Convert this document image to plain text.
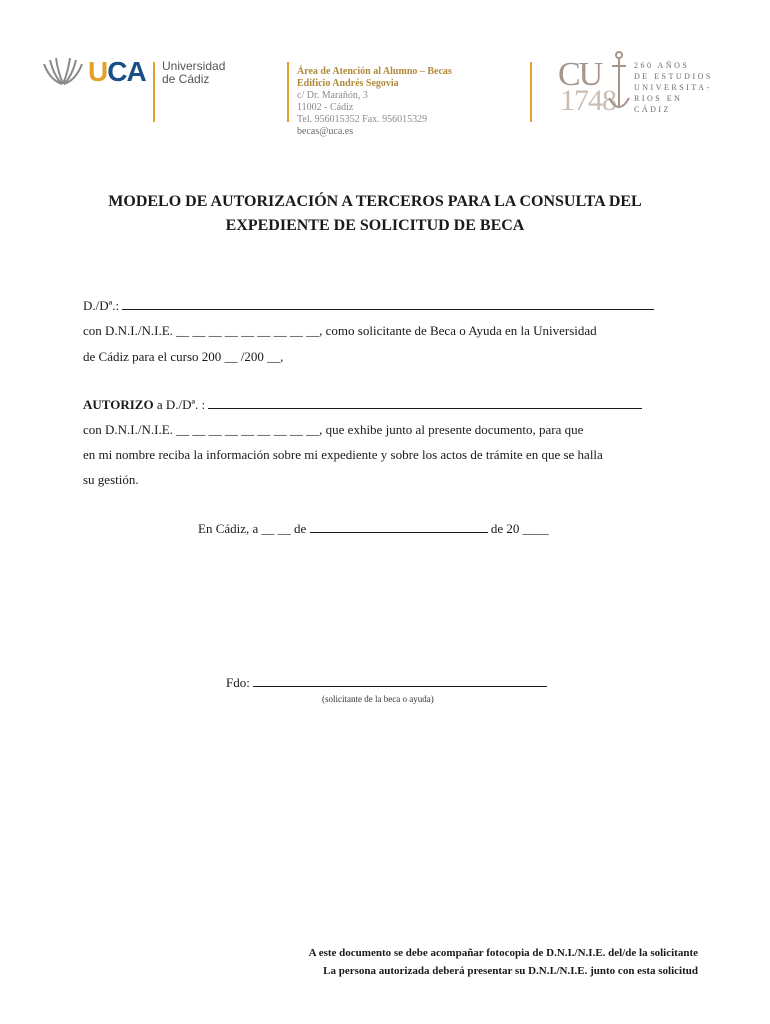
UCA Universidad
de Cádiz
Área de Atención al Alumno – Becas
Edificio Andrés Segovia
c/ Dr. Marañón, 3
11002 - Cádiz
Tel. 956015352 Fax. 956015329
becas@uca.es
CU
1748
260 AÑOS
DE ESTUDIOS
UNIVERSITA-
RIOS EN CÁDIZ
MODELO DE AUTORIZACIÓN A TERCEROS PARA LA CONSULTA DEL
EXPEDIENTE DE SOLICITUD DE BECA
D./Dª.:
con D.N.I./N.I.E. __ __ __ __ __ __ __ __ __, como solicitante de Beca o Ayuda en la Universidad
de Cádiz para el curso 200 __ /200 __,
AUTORIZO a D./Dª. :
con D.N.I./N.I.E. __ __ __ __ __ __ __ __ __, que exhibe junto al presente documento, para que
en mi nombre reciba la información sobre mi expediente y sobre los actos de trámite en que se halla
su gestión.
En Cádiz, a __ __ de	de 20 ____
Fdo:
(solicitante de la beca o ayuda)
A este documento se debe acompañar fotocopia de D.N.I./N.I.E. del/de la solicitante
La persona autorizada deberá presentar su D.N.I./N.I.E. junto con esta solicitud
